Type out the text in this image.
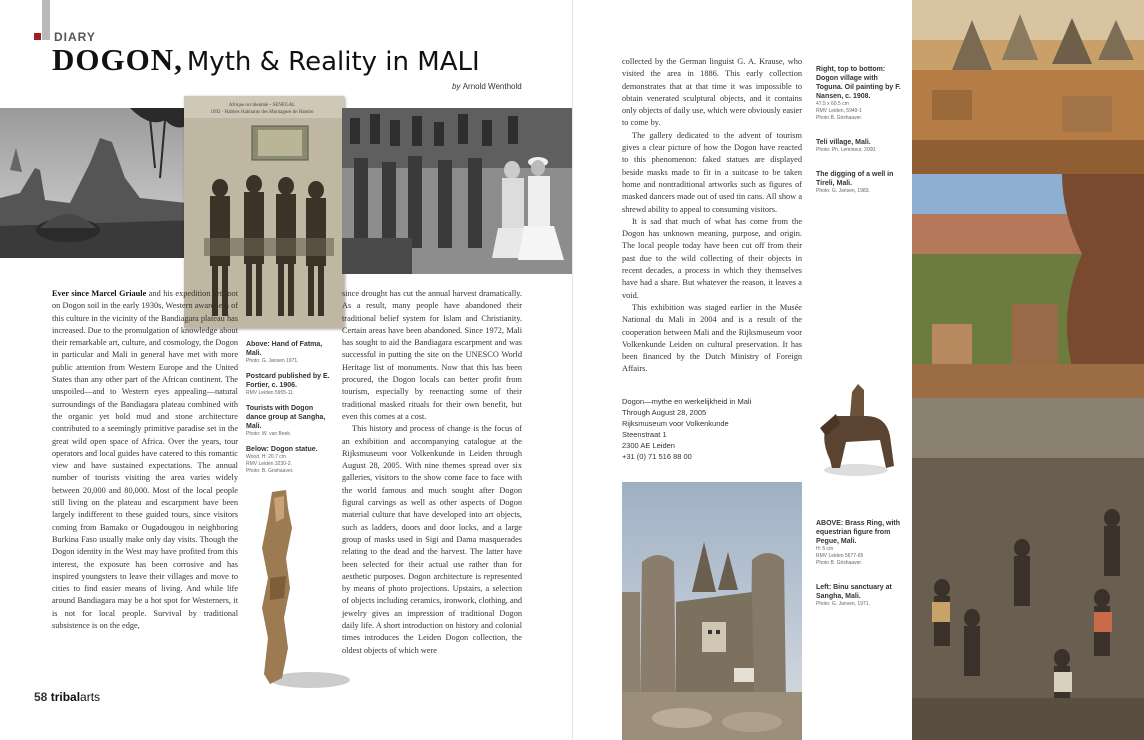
DIARY
DOGON, Myth & Reality in MALI
by Arnold Wenthold
Afrique occidentale - SENEGAL
1092 · Habbés Habitants des Montagnes de Hambo

Ever since Marcel Griaule and his expedition set foot on Dogon soil in the early 1930s, Western awareness of this culture in the vicinity of the Bandiagara plateau has increased. Due to the promulgation of knowledge about their remarkable art, culture, and cosmology, the Dogon in particular and Mali in general have met with more public attention from Western Europe and the United States than any other part of the African continent. The unspoiled—and to Western eyes appealing—natural surroundings of the Bandiagara plateau combined with the organic yet bold mud and stone architecture contributed to a seemingly primitive paradise set in the great wild open space of Africa. Over the years, tour operators and local guides have catered to this romantic view and have sustained expectations. The annual number of tourists visiting the area varies widely between 20,000 and 80,000. Most of the local people still living on the plateau and escarpment have been largely indifferent to these guided tours, since visitors coming from Bamako or Ougadougou in neighboring Burkina Faso usually make only day visits. Though the Dogon identity in the West may have profited from this interest, the exposure has been corrosive and has inspired youngsters to leave their villages and move to cities to find easier means of living. And while life around Bandiagara may be a hot spot for Westerners, it is not for local people. Survival by traditional subsistence is on the edge,

Above: Hand of Fatma, Mali.
Photo: G. Jansen 1971.
Postcard published by E. Fortier, c. 1906.
RMV Leiden 5955-11.
Tourists with Dogon dance group at Sangha, Mali.
Photo: W. van Beek.
Below: Dogon statue.
Wood. H: 20.7 cm
RMV Leiden 3230-2.
Photo: B. Grishaaver.

since drought has cut the annual harvest dramatically. As a result, many people have abandoned their traditional belief system for Islam and Christianity. Certain areas have been abandoned. Since 1972, Mali has sought to aid the Bandiagara escarpment and was successful in putting the site on the UNESCO World Heritage list of monuments. Now that this has been procured, the Dogon locals can better profit from tourism, especially by reenacting some of their traditional masked rituals for their own benefit, but even this comes at a cost.

This history and process of change is the focus of an exhibition and accompanying catalogue at the Rijksmuseum voor Volkenkunde in Leiden through August 28, 2005. With nine themes spread over six galleries, visitors to the show come face to face with the world famous and much sought after Dogon figural carvings as well as other aspects of Dogon material culture that have developed into art objects, such as ladders, doors and door locks, and a large group of masks used in Sigi and Dama masquerades relating to the dead and the harvest. The latter have been selected for their actual use rather than for aesthetic purposes. Dogon architecture is represented by means of photo projections. Upstairs, a selection of objects including ceramics, ironwork, clothing, and jewelry gives an impression of traditional Dogon daily life. A short introduction on history and colonial times introduces the Leiden Dogon collection, the oldest objects of which were

58 tribalarts

collected by the German linguist G. A. Krause, who visited the area in 1886. This early collection demonstrates that at that time it was impossible to obtain venerated sculptural objects, and it contains only objects of daily use, which were obviously easier to come by.

The gallery dedicated to the advent of tourism gives a clear picture of how the Dogon have reacted to this phenomenon: faked statues are displayed beside masks made to fit in a suitcase to be taken home and nontraditional artworks such as figures of masked dancers made out of used tin cans. All show a shrewd ability to appeal to consuming visitors.

It is sad that much of what has come from the Dogon has unknown meaning, purpose, and origin. The local people today have been cut off from their past due to the wild collecting of their objects in recent decades, a process in which they themselves have had a share. But whatever the reason, it leaves a void.

This exhibition was staged earlier in the Musée National du Mali in 2004 and is a result of the cooperation between Mali and the Rijksmuseum voor Volkenkunde Leiden on cultural preservation. It has been financed by the Dutch Ministry of Foreign Affairs.

Dogon—mythe en werkelijkheid in Mali
Through August 28, 2005
Rijksmuseum voor Volkenkunde
Steenstraat 1
2300 AE Leiden
+31 (0) 71 516 88 00

Right, top to bottom:
Dogon village with Toguna. Oil painting by F. Nansen, c. 1908.
47.5 x 60.5 cm
RMV Leiden, 5949-1
Photo B. Grishaaver.

Teli village, Mali.
Photo: Ph. Lemineur, 2000.

The digging of a well in Tireli, Mali.
Photo: G. Jansen, 1983.

ABOVE: Brass Ring, with equestrian figure from Pegue, Mali.
H: 5 cm
RMV Leiden 5677-65
Photo B. Grishaaver.

Left: Binu sanctuary at Sangha, Mali.
Photo: G. Jansen, 1971.
